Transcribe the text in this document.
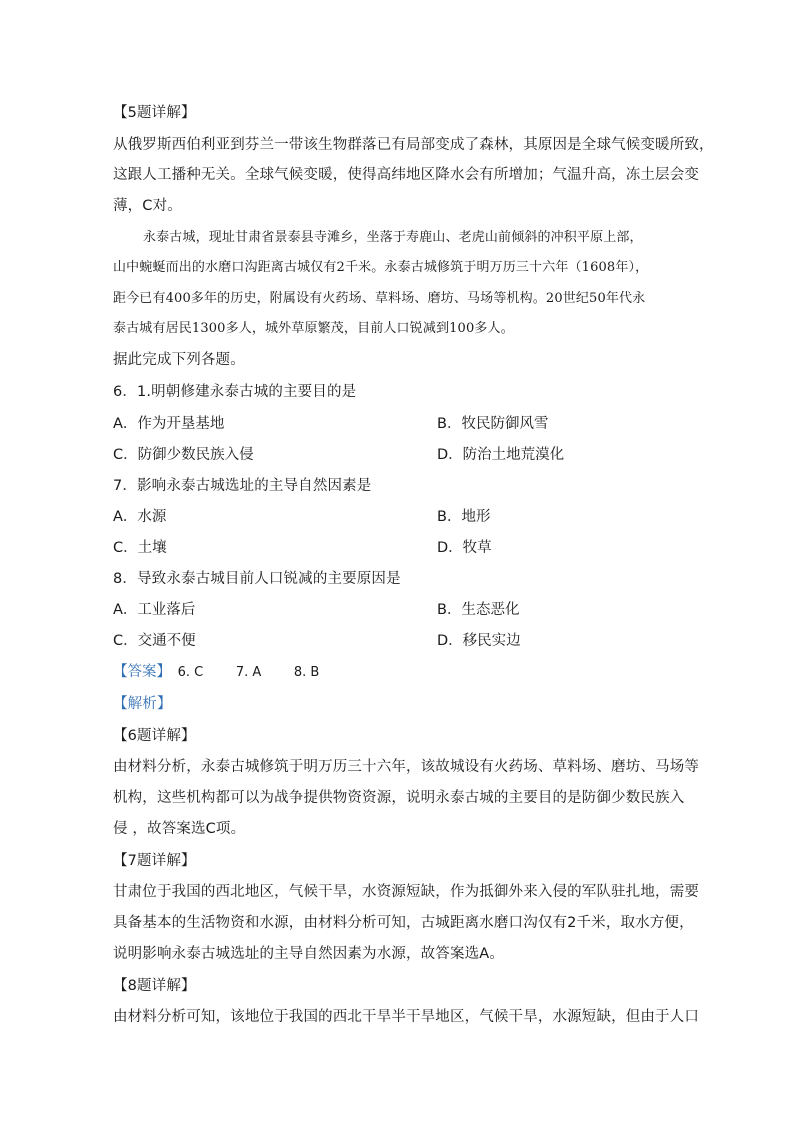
【5题详解】
从俄罗斯西伯利亚到芬兰一带该生物群落已有局部变成了森林，其原因是全球气候变暖所致，
这跟人工播种无关。全球气候变暖，使得高纬地区降水会有所增加；气温升高，冻土层会变
薄，C对。
永泰古城，现址甘肃省景泰县寺滩乡，坐落于寿鹿山、老虎山前倾斜的冲积平原上部，
山中蜿蜒而出的水磨口沟距离古城仅有2千米。永泰古城修筑于明万历三十六年（1608年），
距今已有400多年的历史，附属设有火药场、草料场、磨坊、马场等机构。20世纪50年代永
泰古城有居民1300多人，城外草原繁茂，目前人口锐减到100多人。
据此完成下列各题。
6．1.明朝修建永泰古城的主要目的是
A．作为开垦基地	B．牧民防御风雪
C．防御少数民族入侵	D．防治土地荒漠化
7．影响永泰古城选址的主导自然因素是
A．水源	B．地形
C．土壤	D．牧草
8．导致永泰古城目前人口锐减的主要原因是
A．工业落后	B．生态恶化
C．交通不便	D．移民实边
【答案】 6. C	7. A	8. B
【解析】
【6题详解】
由材料分析，永泰古城修筑于明万历三十六年，该故城设有火药场、草料场、磨坊、马场等
机构，这些机构都可以为战争提供物资资源，说明永泰古城的主要目的是防御少数民族入
侵 ，故答案选C项。
【7题详解】
甘肃位于我国的西北地区，气候干旱，水资源短缺，作为抵御外来入侵的军队驻扎地，需要
具备基本的生活物资和水源，由材料分析可知，古城距离水磨口沟仅有2千米，取水方便，
说明影响永泰古城选址的主导自然因素为水源，故答案选A。
【8题详解】
由材料分析可知，该地位于我国的西北干旱半干旱地区，气候干旱，水源短缺，但由于人口
